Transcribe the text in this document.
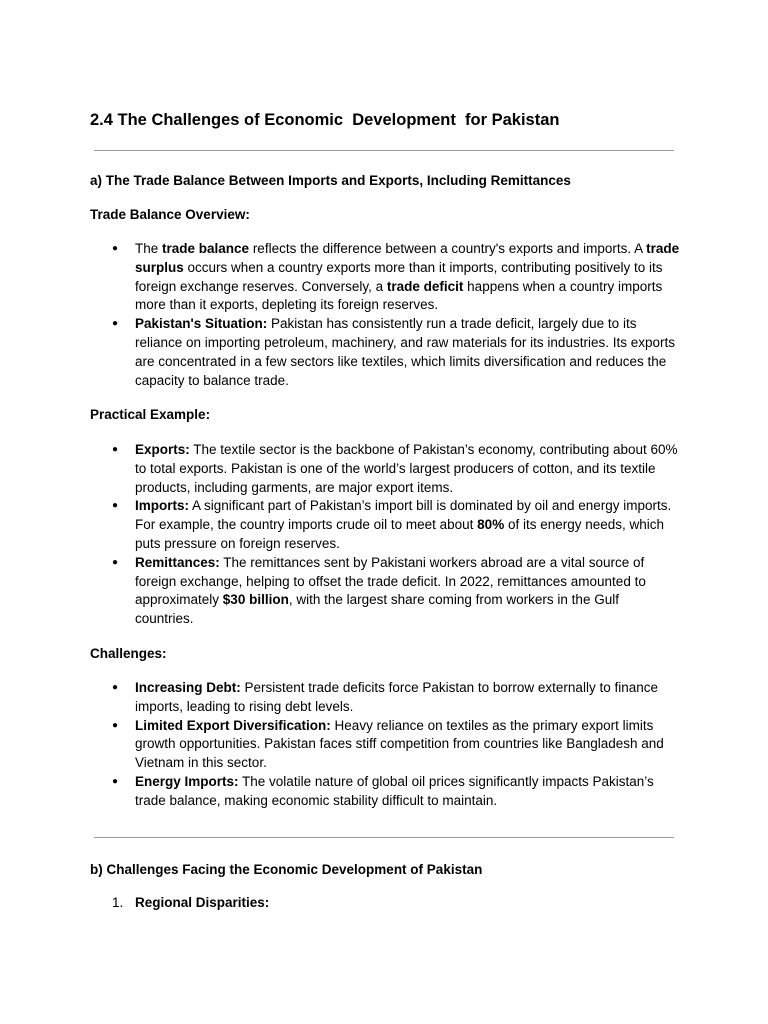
2.4 The Challenges of Economic  Development  for Pakistan
a) The Trade Balance Between Imports and Exports, Including Remittances
Trade Balance Overview:
● The trade balance reflects the difference between a country's exports and imports. A trade surplus occurs when a country exports more than it imports, contributing positively to its foreign exchange reserves. Conversely, a trade deficit happens when a country imports more than it exports, depleting its foreign reserves.
● Pakistan's Situation: Pakistan has consistently run a trade deficit, largely due to its reliance on importing petroleum, machinery, and raw materials for its industries. Its exports are concentrated in a few sectors like textiles, which limits diversification and reduces the capacity to balance trade.
Practical Example:
● Exports: The textile sector is the backbone of Pakistan’s economy, contributing about 60% to total exports. Pakistan is one of the world’s largest producers of cotton, and its textile products, including garments, are major export items.
● Imports: A significant part of Pakistan’s import bill is dominated by oil and energy imports. For example, the country imports crude oil to meet about 80% of its energy needs, which puts pressure on foreign reserves.
● Remittances: The remittances sent by Pakistani workers abroad are a vital source of foreign exchange, helping to offset the trade deficit. In 2022, remittances amounted to approximately $30 billion, with the largest share coming from workers in the Gulf countries.
Challenges:
● Increasing Debt: Persistent trade deficits force Pakistan to borrow externally to finance imports, leading to rising debt levels.
● Limited Export Diversification: Heavy reliance on textiles as the primary export limits growth opportunities. Pakistan faces stiff competition from countries like Bangladesh and Vietnam in this sector.
● Energy Imports: The volatile nature of global oil prices significantly impacts Pakistan’s trade balance, making economic stability difficult to maintain.
b) Challenges Facing the Economic Development of Pakistan
1. Regional Disparities:
